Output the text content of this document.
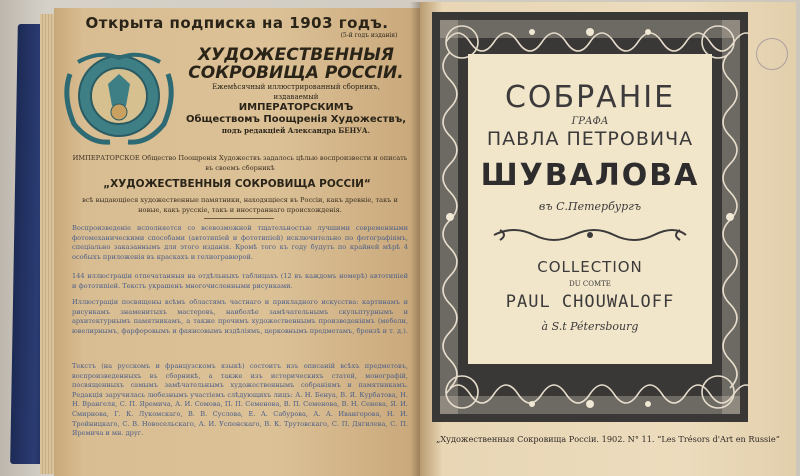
Открыта подписка на 1903 годъ.
(5-й годъ изданія)
ХУДОЖЕСТВЕННЫЯ СОКРОВИЩА РОССІИ.
Ежемѣсячный иллюстрированный сборникъ,
издаваемый
ИМПЕРАТОРСКИМЪ
Обществомъ Поощренія Художествъ,
подъ редакціей Александра БЕНУА.
ИМПЕРАТОРСКОЕ Общество Поощренія Художествъ задалось цѣлью воспроизвести и описать въ своемъ сборникѣ
„ХУДОЖЕСТВЕННЫЯ СОКРОВИЩА РОССІИ“
всѣ выдающіеся художественные памятники, находящіеся въ Россіи, какъ древніе, такъ и новые, какъ русскіе, такъ и иностраннаго происхожденія.
Воспроизведеніе исполняется со всевозможной тщательностью лучшими современными фотомеханическими способами (автотипіей и фототипіей) исключительно по фотографіямъ, спеціально заказаннымъ для этого изданія. Кромѣ того къ году будутъ по крайней мѣрѣ 4 особыхъ приложенія въ краскахъ и гелиогравюрой.
144 иллюстраціи отпечатанныя на отдѣльныхъ таблицахъ (12 въ каждомъ номерѣ) автотипіей и фототипіей. Текстъ украшенъ многочисленными рисунками.
Иллюстраціи посвящены всѣмъ областямъ частнаго и прикладного искусства: картинамъ и рисункамъ знаменитыхъ мастеровъ, наиболѣе замѣчательнымъ скульптурнымъ и архитектурнымъ памятникамъ, а также прочимъ художественнымъ произведеніямъ (мебели, ювелирнымъ, фарфоровымъ и фаянсовымъ издѣліямъ, церковнымъ предметамъ, бронзѣ и т. д.).
Текстъ (на русскомъ и французскомъ языкѣ) состоитъ изъ описаній всѣхъ предметовъ, воспроизведенныхъ въ сборникѣ, а также изъ историческихъ статей, монографій, посвященныхъ самымъ замѣчательнымъ художественнымъ собраніямъ и памятникамъ. Редакція заручилась любезнымъ участіемъ слѣдующихъ лицъ: А. Н. Бенуа, В. Я. Курбатова, Н. Н. Врангеля, С. П. Яремича, А. И. Сомова, П. П. Семенова, В. П. Семенова, В. Н. Сенева, Я. И. Смирнова, Г. К. Лукомскаго, В. В. Суслова, Е. А. Сабурова, А. А. Ивангорова, Н. И. Тройницкаго, С. В. Новосельскаго, А. И. Успенскаго, В. К. Трутовскаго, С. П. Дягилева, С. П. Яремича и мн. друг.
СОБРАНІЕ
ГРАФА
ПАВЛА ПЕТРОВИЧА
ШУВАЛОВА
въ С.Петербургъ
COLLECTION
DU COMTE
PAUL CHOUWALOFF
à S.t Pétersbourg
„Художественныя Сокровища Россіи. 1902. N° 11. “Les Trésors d'Art en Russie”
